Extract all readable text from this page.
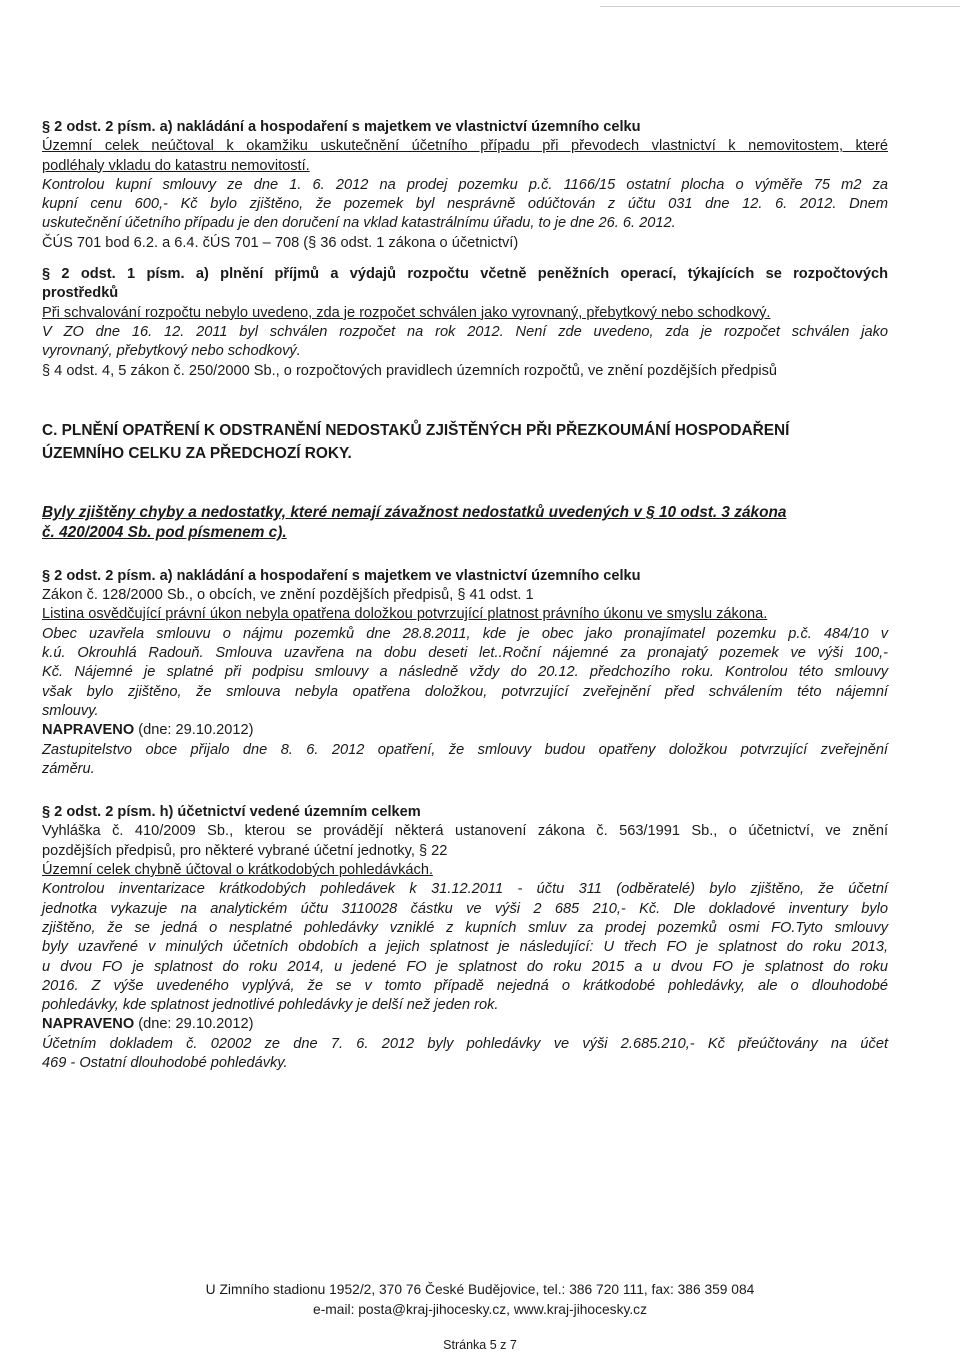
§ 2 odst. 2 písm. a) nakládání a hospodaření s majetkem ve vlastnictví územního celku
Územní celek neúčtoval k okamžiku uskutečnění účetního případu při převodech vlastnictví k nemovitostem, které
podléhaly vkladu do katastru nemovitostí.
Kontrolou kupní smlouvy ze dne 1. 6. 2012 na prodej pozemku p.č. 1166/15 ostatní plocha o výměře 75 m2 za
kupní cenu 600,- Kč bylo zjištěno, že pozemek byl nesprávně odúčtován z účtu 031 dne 12. 6. 2012. Dnem
uskutečnění účetního případu je den doručení na vklad katastrálnímu úřadu, to je dne 26. 6. 2012.
ČÚS 701 bod 6.2. a 6.4. čÚS 701 – 708 (§ 36 odst. 1 zákona o účetnictví)
§ 2 odst. 1 písm. a) plnění příjmů a výdajů rozpočtu včetně peněžních operací, týkajících se rozpočtových
prostředků
Při schvalování rozpočtu nebylo uvedeno, zda je rozpočet schválen jako vyrovnaný, přebytkový nebo schodkový.
V ZO dne 16. 12. 2011 byl schválen rozpočet na rok 2012. Není zde uvedeno, zda je rozpočet schválen jako
vyrovnaný, přebytkový nebo schodkový.
§ 4 odst. 4, 5 zákon č. 250/2000 Sb., o rozpočtových pravidlech územních rozpočtů, ve znění pozdějších předpisů
C. PLNĚNÍ OPATŘENÍ K ODSTRANĚNÍ NEDOSTAKŮ ZJIŠTĚNÝCH PŘI PŘEZKOUMÁNÍ HOSPODAŘENÍ
ÚZEMNÍHO CELKU ZA PŘEDCHOZÍ ROKY.
Byly zjištěny chyby a nedostatky, které nemají závažnost nedostatků uvedených v § 10 odst. 3 zákona
č. 420/2004 Sb. pod písmenem c).
§ 2 odst. 2 písm. a) nakládání a hospodaření s majetkem ve vlastnictví územního celku
Zákon č. 128/2000 Sb., o obcích, ve znění pozdějších předpisů, § 41 odst. 1
Listina osvědčující právní úkon nebyla opatřena doložkou potvrzující platnost právního úkonu ve smyslu zákona.
Obec uzavřela smlouvu o nájmu pozemků dne 28.8.2011, kde je obec jako pronajímatel pozemku p.č. 484/10 v
k.ú. Okrouhlá Radouň. Smlouva uzavřena na dobu deseti let..Roční nájemné za pronajatý pozemek ve výši 100,-
Kč. Nájemné je splatné při podpisu smlouvy a následně vždy do 20.12. předchozího roku. Kontrolou této smlouvy
však bylo zjištěno, že smlouva nebyla opatřena doložkou, potvrzující zveřejnění před schválením této nájemní
smlouvy.
NAPRAVENO (dne: 29.10.2012)
Zastupitelstvo obce přijalo dne 8. 6. 2012 opatření, že smlouvy budou opatřeny doložkou potvrzující zveřejnění
záměru.
§ 2 odst. 2 písm. h) účetnictví vedené územním celkem
Vyhláška č. 410/2009 Sb., kterou se provádějí některá ustanovení zákona č. 563/1991 Sb., o účetnictví, ve znění
pozdějších předpisů, pro některé vybrané účetní jednotky, § 22
Územní celek chybně účtoval o krátkodobých pohledávkách.
Kontrolou inventarizace krátkodobých pohledávek k 31.12.2011 - účtu 311 (odběratelé) bylo zjištěno, že účetní
jednotka vykazuje na analytickém účtu 3110028 částku ve výši 2 685 210,- Kč. Dle dokladové inventury bylo
zjištěno, že se jedná o nesplatné pohledávky vzniklé z kupních smluv za prodej pozemků osmi FO.Tyto smlouvy
byly uzavřené v minulých účetních obdobích a jejich splatnost je následující: U třech FO je splatnost do roku 2013,
u dvou FO je splatnost do roku 2014, u jedené FO je splatnost do roku 2015 a u dvou FO je splatnost do roku
2016. Z výše uvedeného vyplývá, že se v tomto případě nejedná o krátkodobé pohledávky, ale o dlouhodobé
pohledávky, kde splatnost jednotlivé pohledávky je delší než jeden rok.
NAPRAVENO (dne: 29.10.2012)
Účetním dokladem č. 02002 ze dne 7. 6. 2012 byly pohledávky ve výši 2.685.210,- Kč přeúčtovány na účet
469 - Ostatní dlouhodobé pohledávky.
U Zimního stadionu 1952/2, 370 76 České Budějovice, tel.: 386 720 111, fax: 386 359 084
e-mail: posta@kraj-jihocesky.cz, www.kraj-jihocesky.cz
Stránka 5 z 7
